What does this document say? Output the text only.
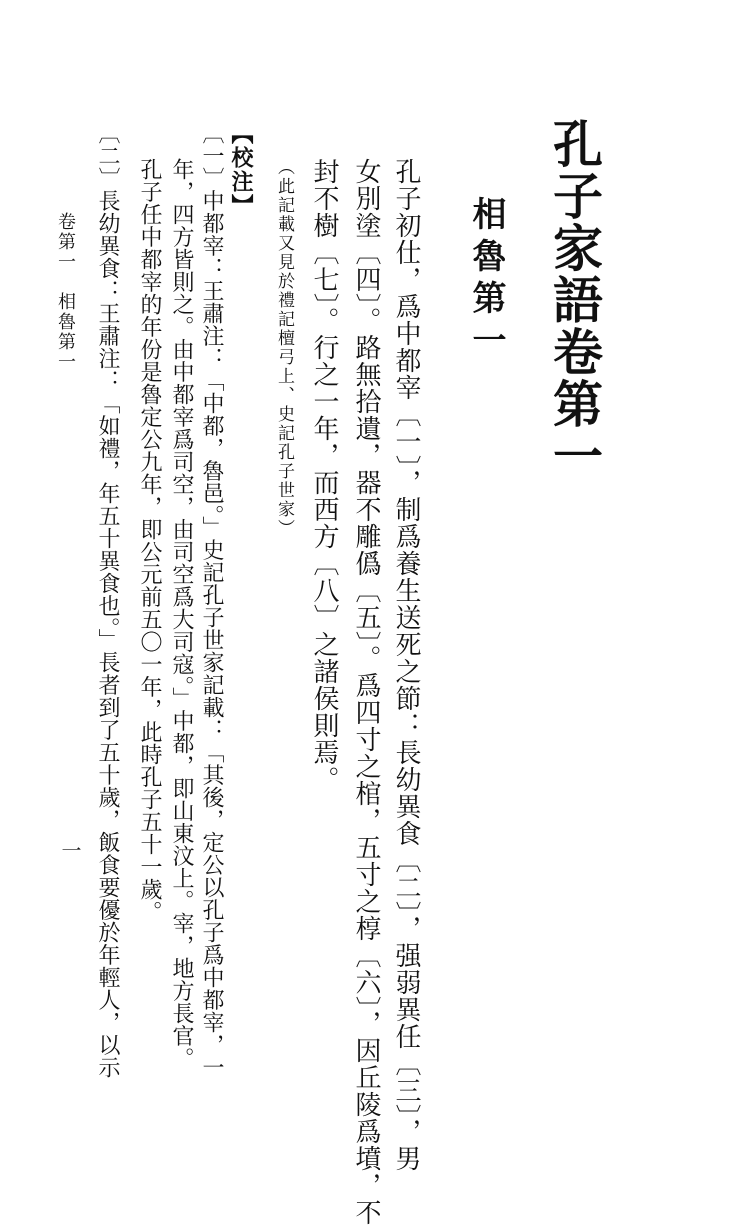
孔子家語卷第一
相魯第一
孔子初仕，爲中都宰〔一〕，制爲養生送死之節：長幼異食〔二〕，强弱異任〔三〕，男
女別塗〔四〕。路無拾遺，器不雕僞〔五〕。爲四寸之棺，五寸之椁〔六〕，因丘陵爲墳，不
封不樹〔七〕。行之一年，而西方〔八〕之諸侯則焉。
（此記載又見於禮記檀弓上、史記孔子世家）
【校注】
〔一〕中都宰：王肅注：「中都，魯邑。」史記孔子世家記載：「其後，定公以孔子爲中都宰，一
年，四方皆則之。由中都宰爲司空，由司空爲大司寇。」中都，即山東汶上。宰，地方長官。
孔子任中都宰的年份是魯定公九年，即公元前五〇一年，此時孔子五十一歲。
〔二〕長幼異食：王肅注：「如禮，年五十異食也。」長者到了五十歲，飯食要優於年輕人，以示
卷第一　相魯第一
一
